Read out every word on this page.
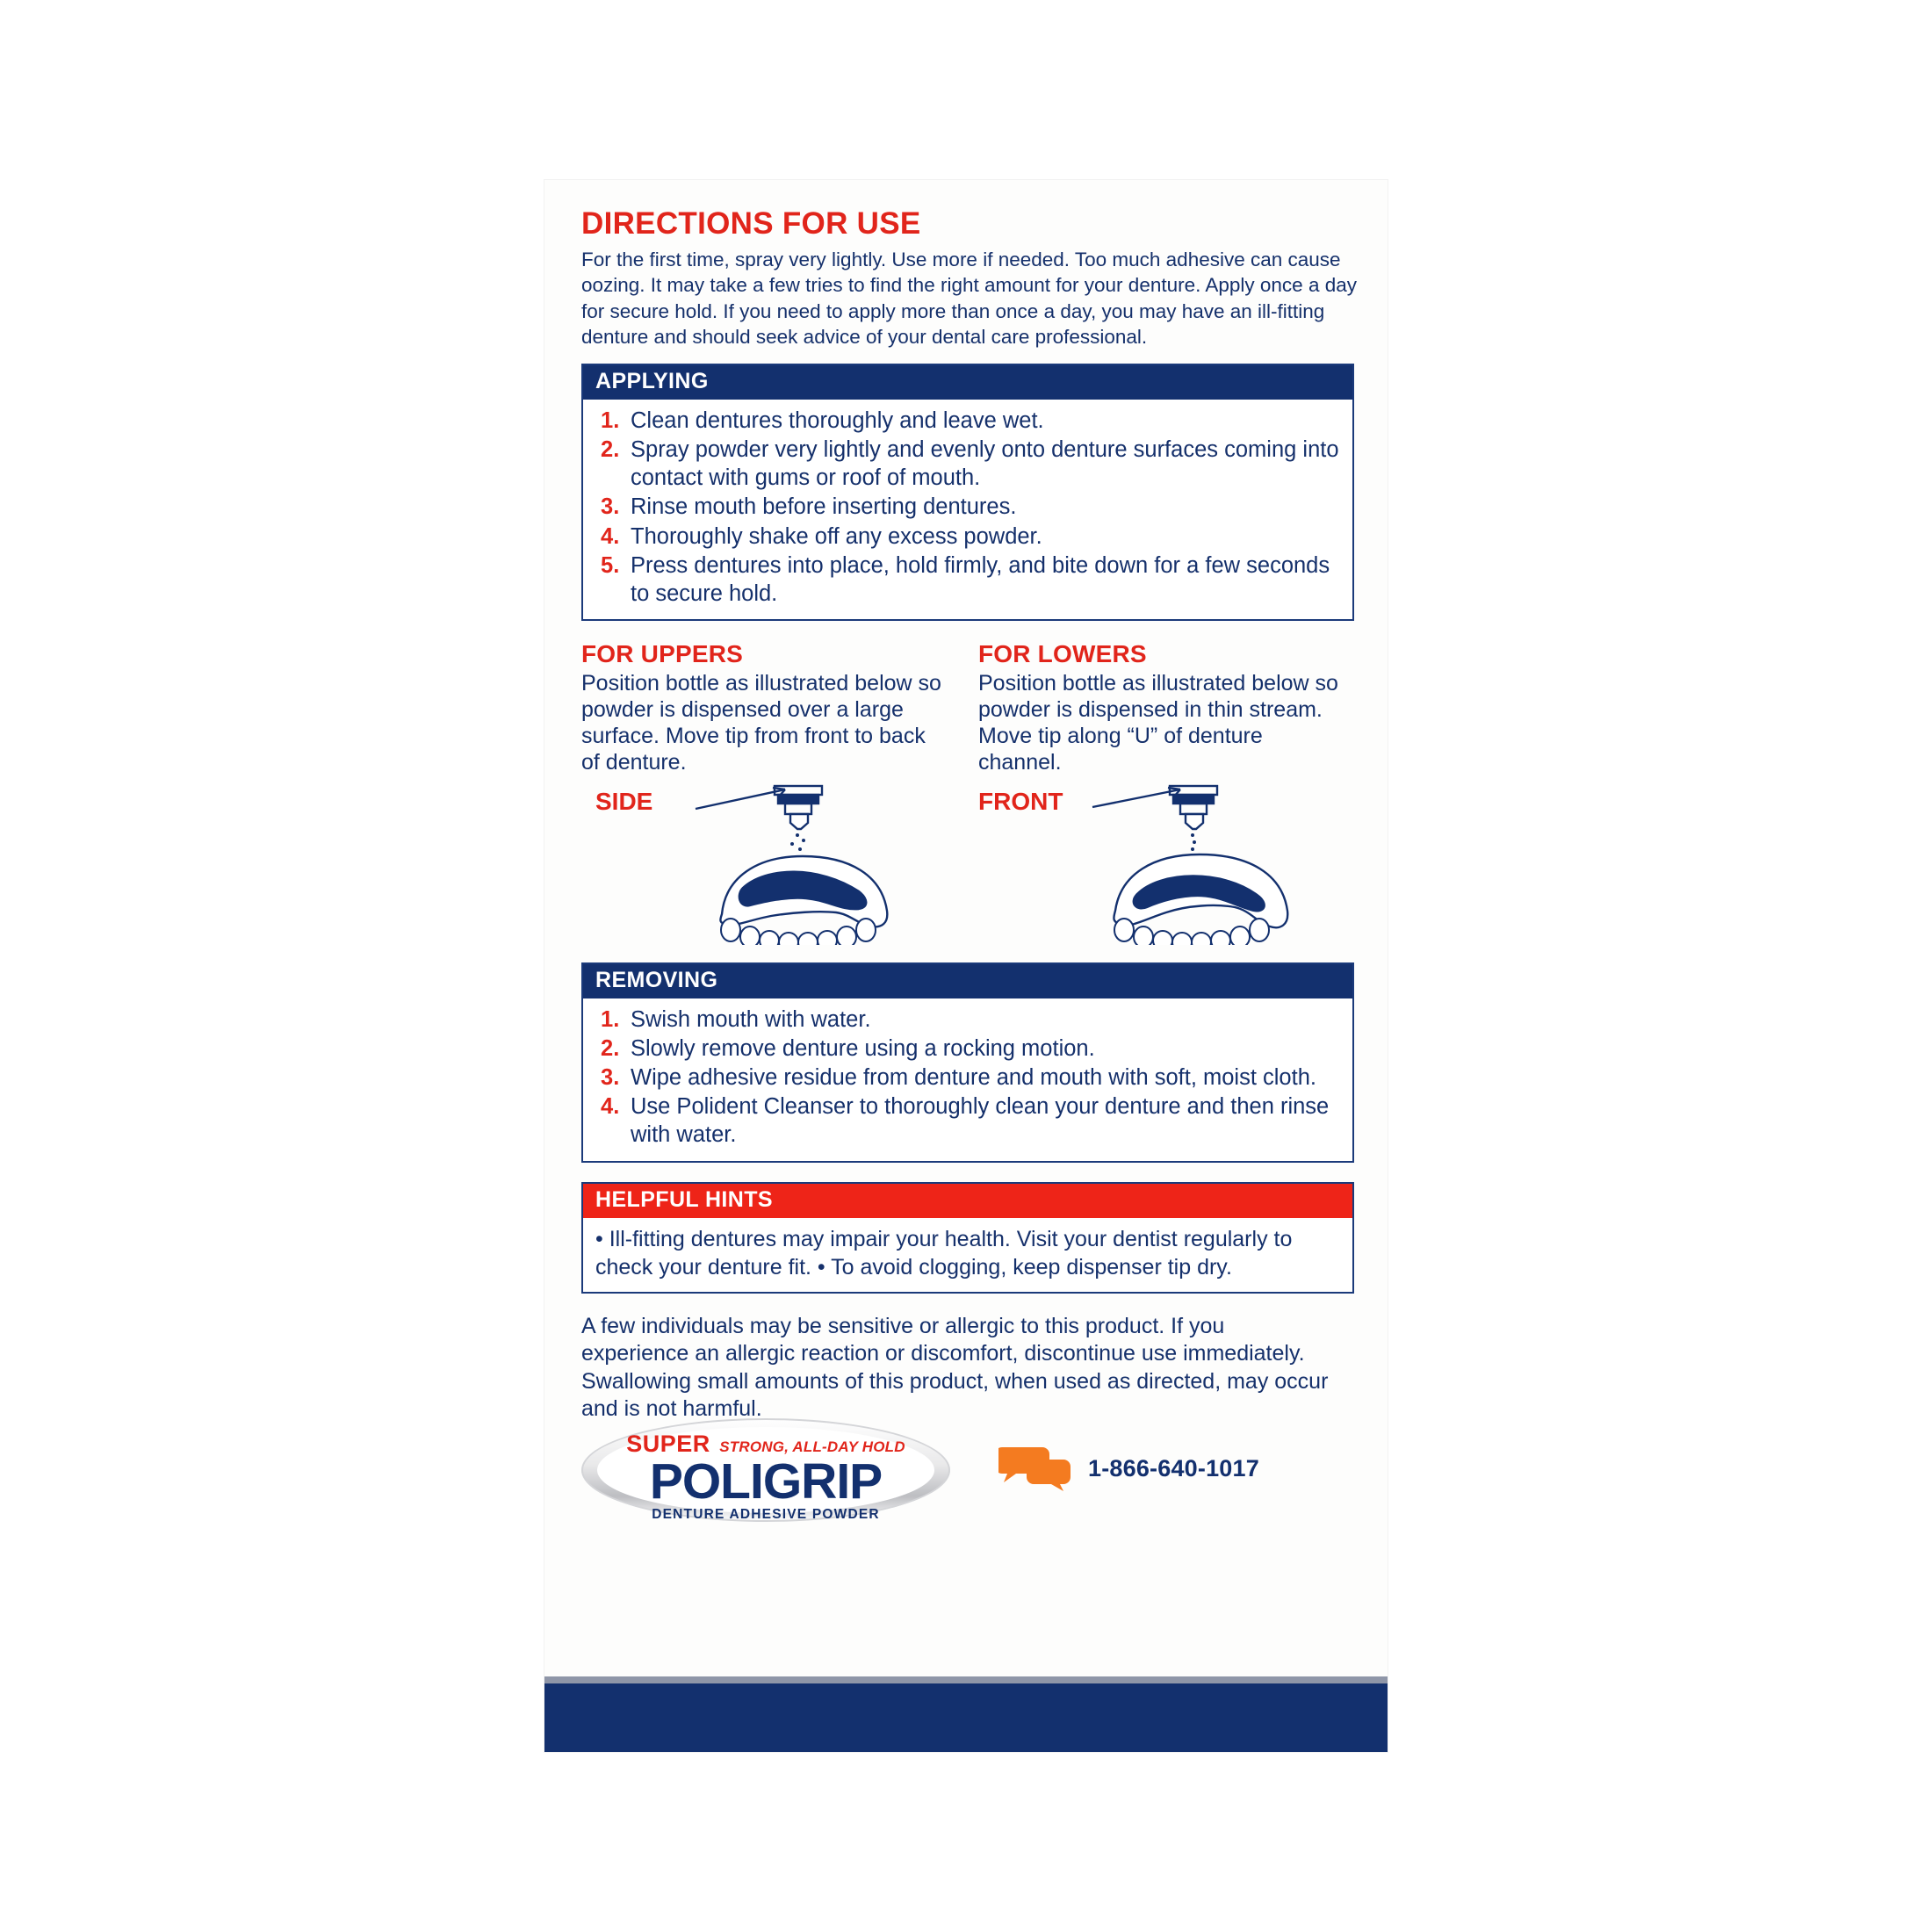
DIRECTIONS FOR USE

For the first time, spray very lightly. Use more if needed. Too much adhesive can cause oozing. It may take a few tries to find the right amount for your denture. Apply once a day for secure hold. If you need to apply more than once a day, you may have an ill-fitting denture and should seek advice of your dental care professional.

APPLYING
Clean dentures thoroughly and leave wet.
Spray powder very lightly and evenly onto denture surfaces coming into contact with gums or roof of mouth.
Rinse mouth before inserting dentures.
Thoroughly shake off any excess powder.
Press dentures into place, hold firmly, and bite down for a few seconds to secure hold.

FOR UPPERS

Position bottle as illustrated below so powder is dispensed over a large surface. Move tip from front to back of denture.

SIDE

FOR LOWERS

Position bottle as illustrated below so powder is dispensed in thin stream. Move tip along “U” of denture channel.

FRONT
REMOVING
Swish mouth with water.
Slowly remove denture using a rocking motion.
Wipe adhesive residue from denture and mouth with soft, moist cloth.
Use Polident Cleanser to thoroughly clean your denture and then rinse with water.
HELPFUL HINTS

• Ill-fitting dentures may impair your health. Visit your dentist regularly to check your denture fit. • To avoid clogging, keep dispenser tip dry.

A few individuals may be sensitive or allergic to this product. If you experience an allergic reaction or discomfort, discontinue use immediately. Swallowing small amounts of this product, when used as directed, may occur and is not harmful.

SUPER STRONG, ALL-DAY HOLD
POLIGRIP
DENTURE ADHESIVE POWDER
1-866-640-1017
